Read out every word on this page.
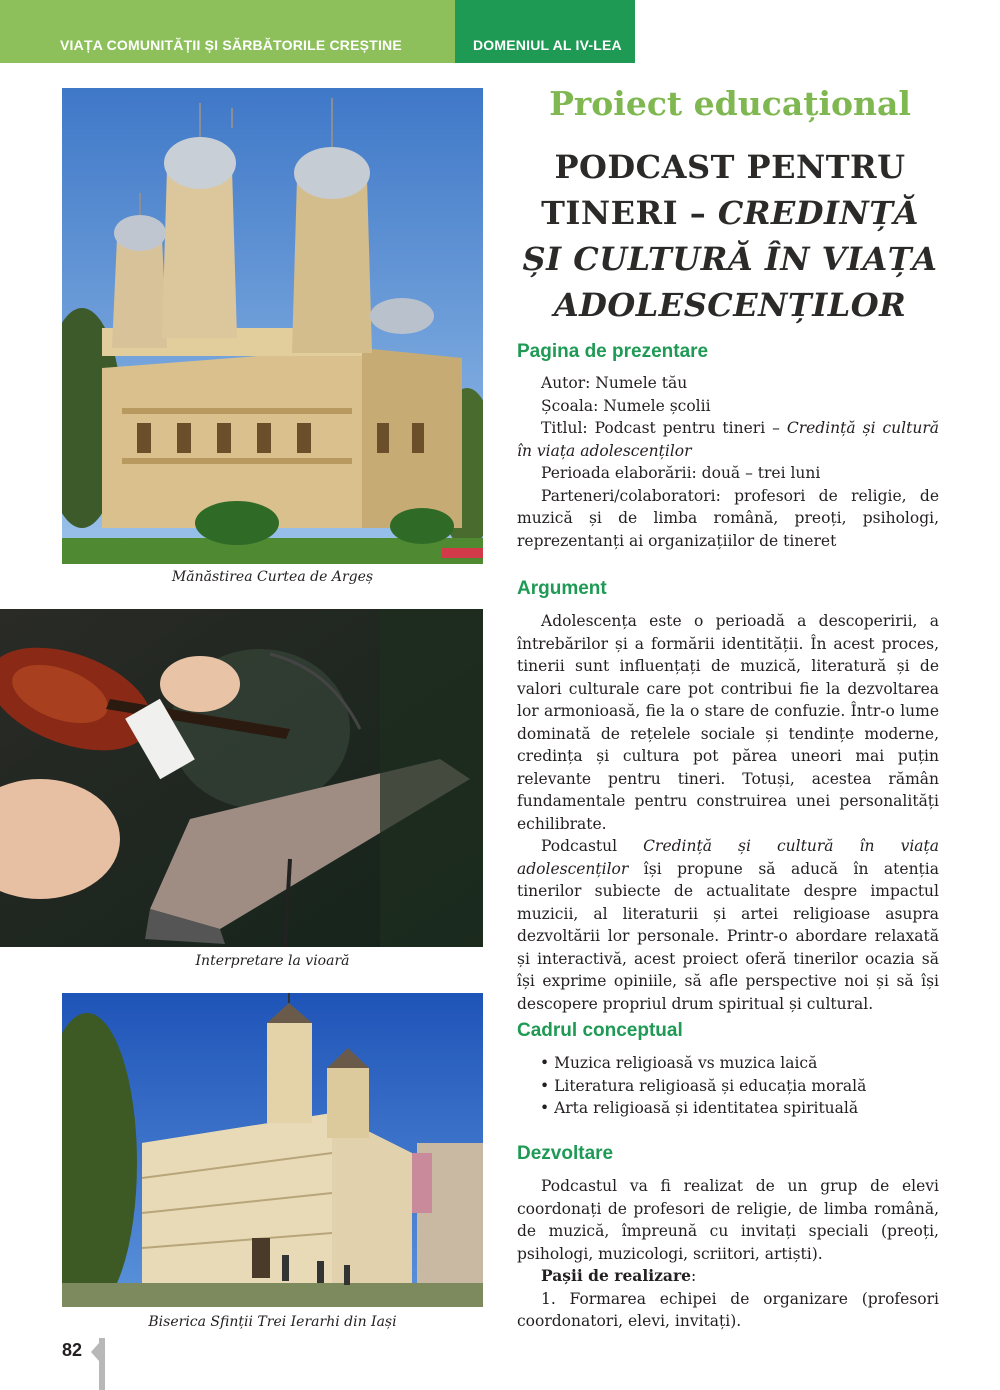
VIAȚA COMUNITĂȚII ȘI SĂRBĂTORILE CREȘTINE	DOMENIUL AL IV-LEA
Mănăstirea Curtea de Argeș
Interpretare la vioară
Biserica Sfinții Trei Ierarhi din Iași
Proiect educațional
PODCAST PENTRU
TINERI – CREDINȚĂ
ȘI CULTURĂ ÎN VIAȚA
ADOLESCENȚILOR
Pagina de prezentare
Autor: Numele tău
Școala: Numele școlii
Titlul: Podcast pentru tineri – Credință și cultură în viața adolescenților
Perioada elaborării: două – trei luni
Parteneri/colaboratori: profesori de religie, de muzică și de limba română, preoți, psihologi, reprezentanți ai organizațiilor de tineret
Argument
Adolescența este o perioadă a descoperirii, a întrebărilor și a formării identității. În acest proces, tinerii sunt influențați de muzică, literatură și de valori culturale care pot contribui fie la dezvoltarea lor armonioasă, fie la o stare de confuzie. Într-o lume dominată de rețelele sociale și tendințe moderne, credința și cultura pot părea uneori mai puțin relevante pentru tineri. Totuși, acestea rămân fundamentale pentru construirea unei personalități echilibrate.
Podcastul Credință și cultură în viața adolescenților își propune să aducă în atenția tinerilor subiecte de actualitate despre impactul muzicii, al literaturii și artei religioase asupra dezvoltării lor personale. Printr-o abordare relaxată și interactivă, acest proiect oferă tinerilor ocazia să își exprime opiniile, să afle perspective noi și să își descopere propriul drum spiritual și cultural.
Cadrul conceptual
• Muzica religioasă vs muzica laică
• Literatura religioasă și educația morală
• Arta religioasă și identitatea spirituală
Dezvoltare
Podcastul va fi realizat de un grup de elevi coordonați de profesori de religie, de limba română, de muzică, împreună cu invitați speciali (preoți, psihologi, muzicologi, scriitori, artiști).
Pașii de realizare:
1. Formarea echipei de organizare (profesori coordonatori, elevi, invitați).
82
